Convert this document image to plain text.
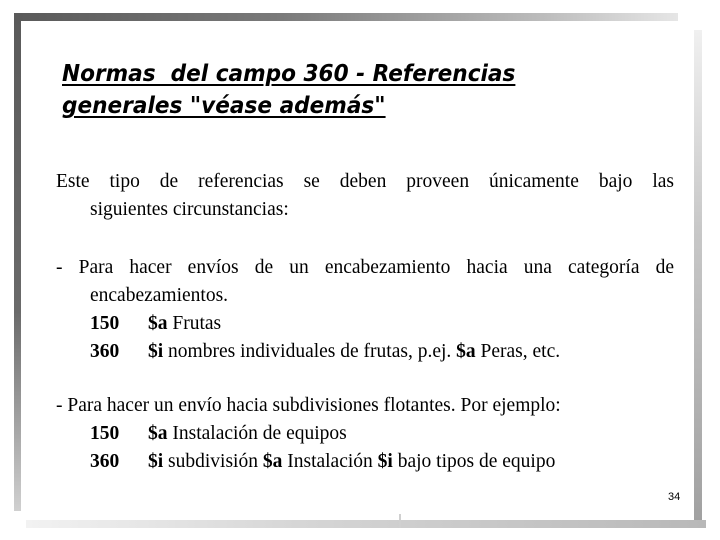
Normas  del campo 360 - Referencias
generales "véase además"
Este tipo de referencias se deben proveen únicamente bajo las
siguientes circunstancias:
- Para hacer envíos de un encabezamiento hacia una categoría de
encabezamientos.
150 $a Frutas
360 $i nombres individuales de frutas, p.ej. $a Peras, etc.
- Para hacer un envío hacia subdivisiones flotantes. Por ejemplo:
150 $a Instalación de equipos
360 $i subdivisión $a Instalación $i bajo tipos de equipo
34
